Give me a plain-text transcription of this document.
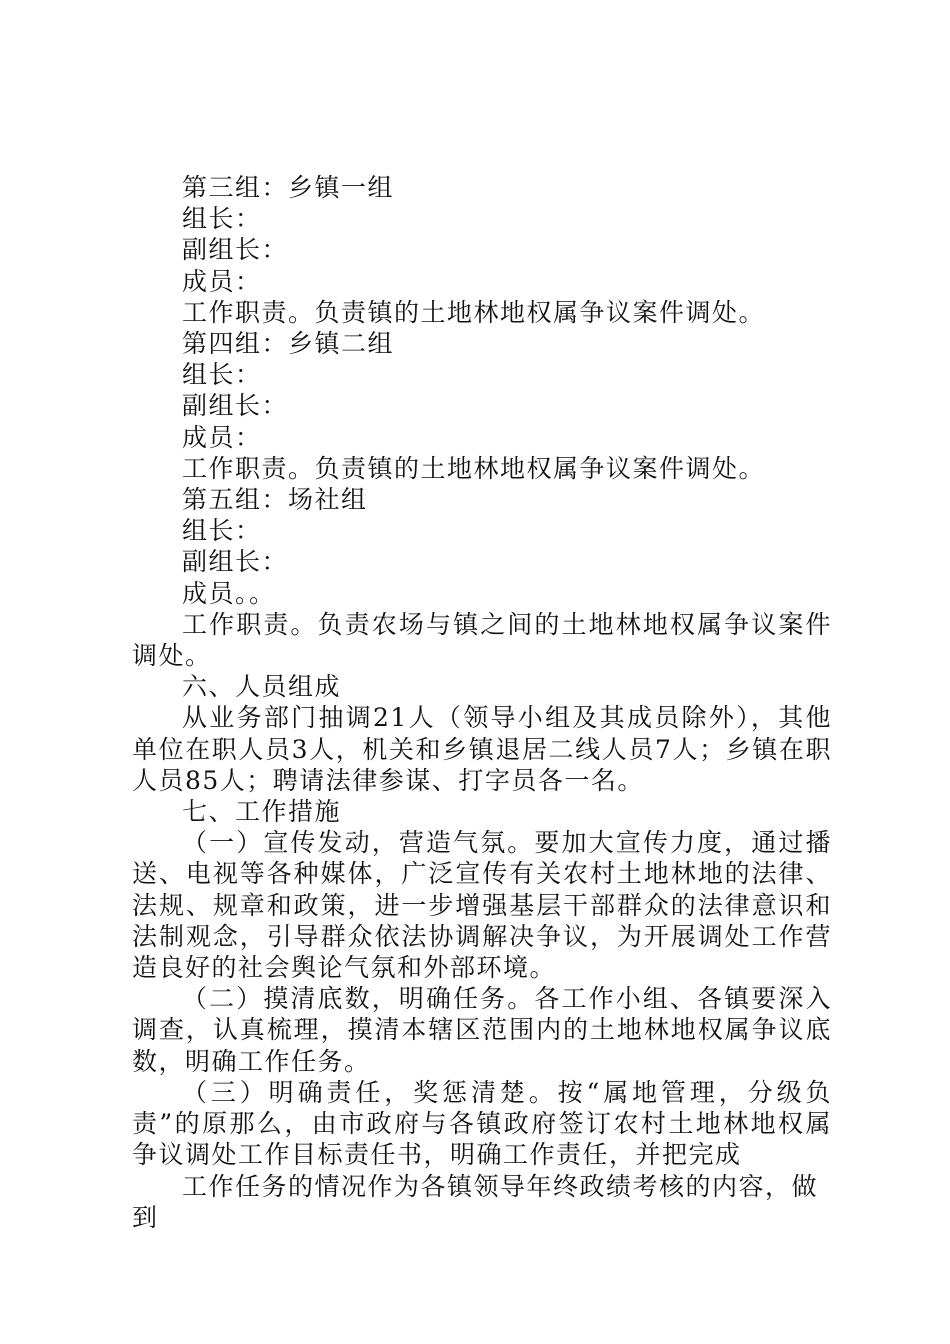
第三组：乡镇一组

组长：

副组长：

成员：

工作职责。负责镇的土地林地权属争议案件调处。

第四组：乡镇二组

组长：

副组长：

成员：

工作职责。负责镇的土地林地权属争议案件调处。

第五组：场社组

组长：

副组长：

成员。。

工作职责。负责农场与镇之间的土地林地权属争议案件调处。

六、人员组成

从业务部门抽调21人（领导小组及其成员除外），其他单位在职人员3人，机关和乡镇退居二线人员7人；乡镇在职人员85人；聘请法律参谋、打字员各一名。

七、工作措施

（一）宣传发动，营造气氛。要加大宣传力度，通过播送、电视等各种媒体，广泛宣传有关农村土地林地的法律、法规、规章和政策，进一步增强基层干部群众的法律意识和法制观念，引导群众依法协调解决争议，为开展调处工作营造良好的社会舆论气氛和外部环境。

（二）摸清底数，明确任务。各工作小组、各镇要深入调查，认真梳理，摸清本辖区范围内的土地林地权属争议底数，明确工作任务。

（三）明确责任，奖惩清楚。按“属地管理，分级负责”的原那么，由市政府与各镇政府签订农村土地林地权属争议调处工作目标责任书，明确工作责任，并把完成

工作任务的情况作为各镇领导年终政绩考核的内容，做到
